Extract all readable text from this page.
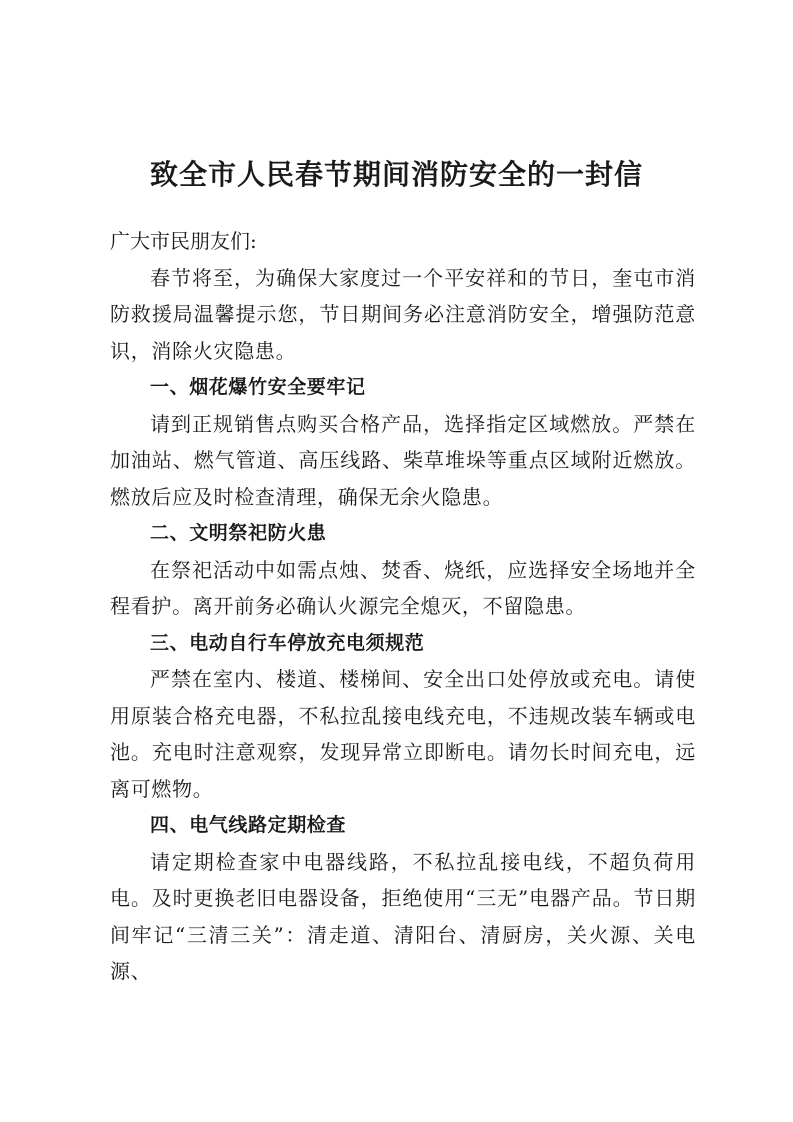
致全市人民春节期间消防安全的一封信

广大市民朋友们:

春节将至，为确保大家度过一个平安祥和的节日，奎屯市消防救援局温馨提示您，节日期间务必注意消防安全，增强防范意识，消除火灾隐患。

一、烟花爆竹安全要牢记

请到正规销售点购买合格产品，选择指定区域燃放。严禁在加油站、燃气管道、高压线路、柴草堆垛等重点区域附近燃放。燃放后应及时检查清理，确保无余火隐患。

二、文明祭祀防火患

在祭祀活动中如需点烛、焚香、烧纸，应选择安全场地并全程看护。离开前务必确认火源完全熄灭，不留隐患。

三、电动自行车停放充电须规范

严禁在室内、楼道、楼梯间、安全出口处停放或充电。请使用原装合格充电器，不私拉乱接电线充电，不违规改装车辆或电池。充电时注意观察，发现异常立即断电。请勿长时间充电，远离可燃物。

四、电气线路定期检查

请定期检查家中电器线路，不私拉乱接电线，不超负荷用电。及时更换老旧电器设备，拒绝使用“三无”电器产品。节日期间牢记“三清三关”：清走道、清阳台、清厨房，关火源、关电源、
